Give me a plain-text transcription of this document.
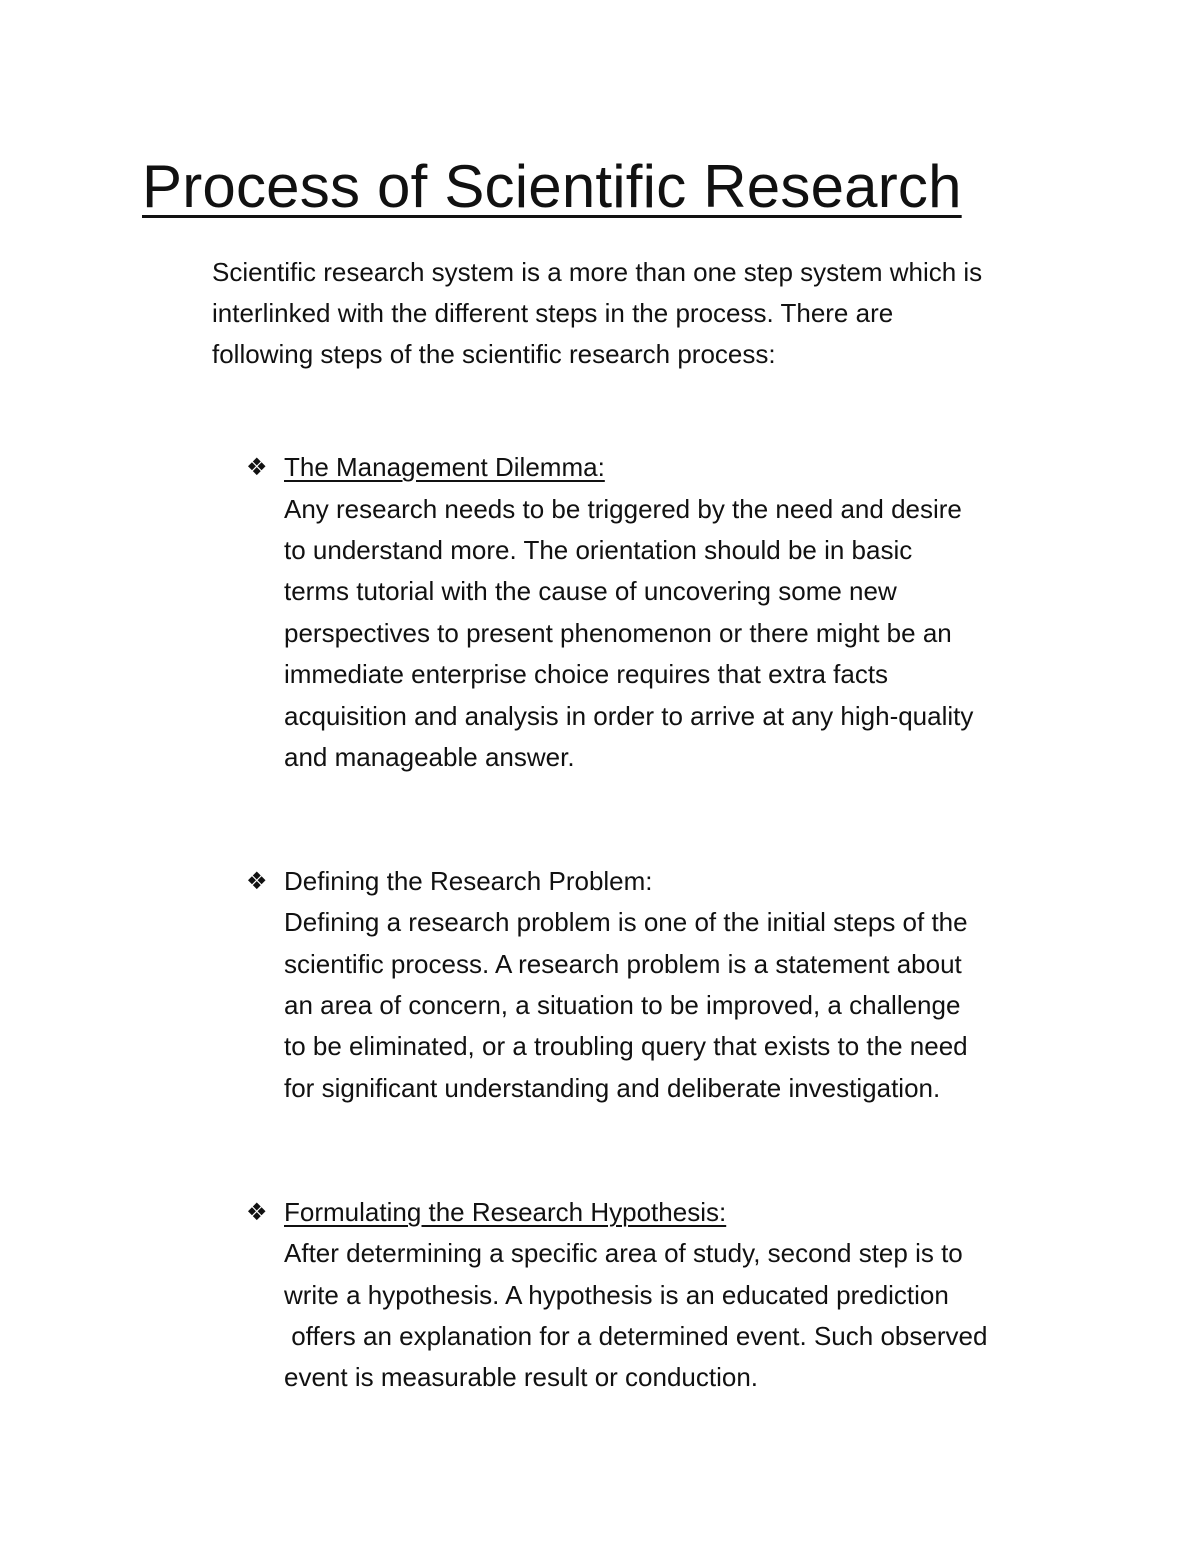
Process of Scientific Research

Scientific research system is a more than one step system which is

interlinked with the different steps in the process. There are

following steps of the scientific research process:

❖ The Management Dilemma:

Any research needs to be triggered by the need and desire

to understand more. The orientation should be in basic

terms tutorial with the cause of uncovering some new

perspectives to present phenomenon or there might be an

immediate enterprise choice requires that extra facts

acquisition and analysis in order to arrive at any high-quality

and manageable answer.

❖ Defining the Research Problem:

Defining a research problem is one of the initial steps of the

scientific process. A research problem is a statement about

an area of concern, a situation to be improved, a challenge

to be eliminated, or a troubling query that exists to the need

for significant understanding and deliberate investigation.

❖ Formulating the Research Hypothesis:

After determining a specific area of study, second step is to

write a hypothesis. A hypothesis is an educated prediction

offers an explanation for a determined event. Such observed

event is measurable result or conduction.
